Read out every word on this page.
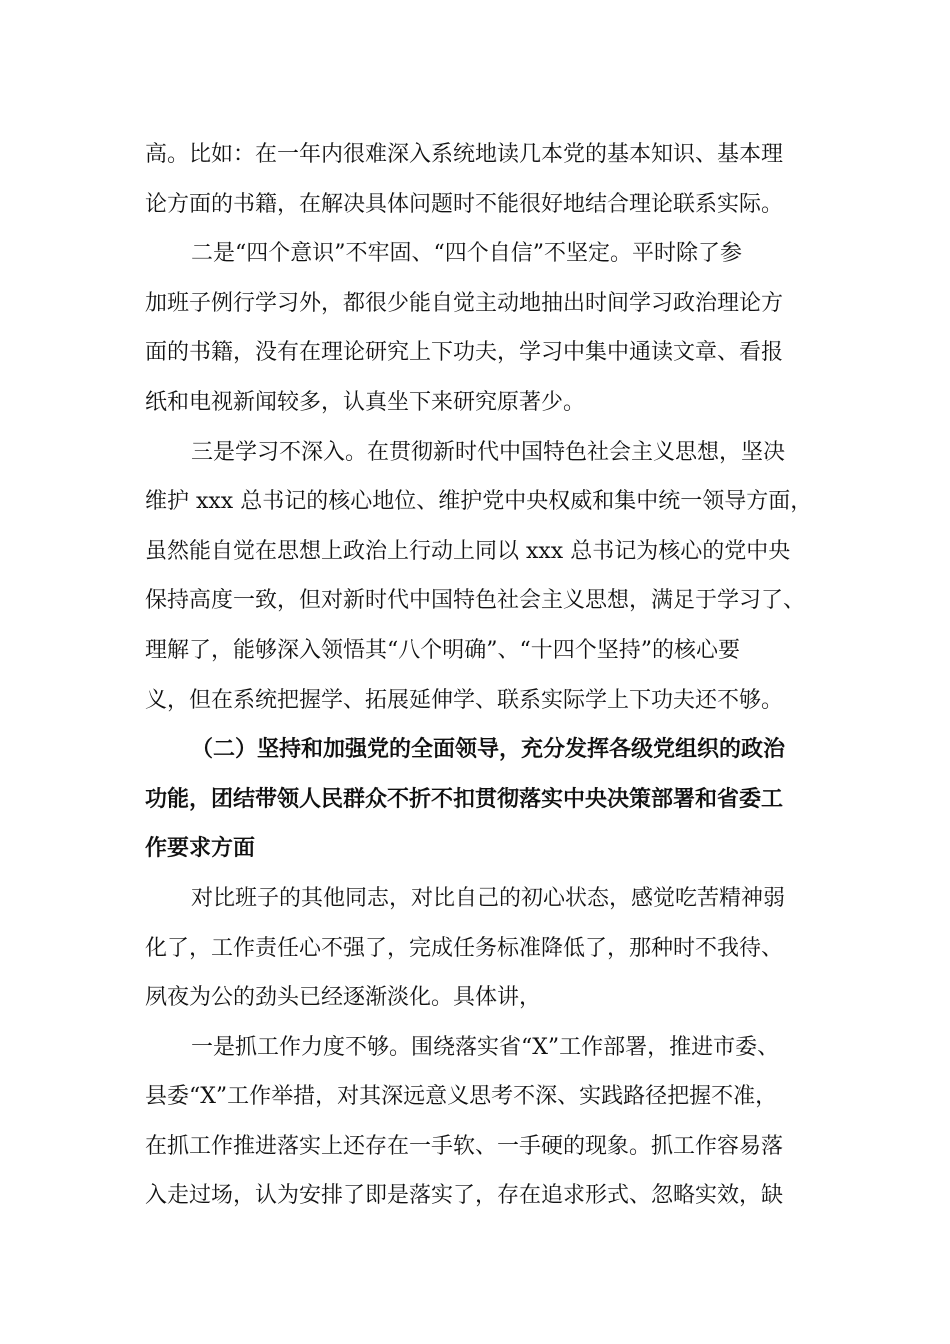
高。比如：在一年内很难深入系统地读几本党的基本知识、基本理
论方面的书籍，在解决具体问题时不能很好地结合理论联系实际。
二是“四个意识”不牢固、“四个自信”不坚定。平时除了参
加班子例行学习外，都很少能自觉主动地抽出时间学习政治理论方
面的书籍，没有在理论研究上下功夫，学习中集中通读文章、看报
纸和电视新闻较多，认真坐下来研究原著少。
三是学习不深入。在贯彻新时代中国特色社会主义思想，坚决
维护 xxx 总书记的核心地位、维护党中央权威和集中统一领导方面，
虽然能自觉在思想上政治上行动上同以 xxx 总书记为核心的党中央
保持高度一致，但对新时代中国特色社会主义思想，满足于学习了、
理解了，能够深入领悟其“八个明确”、“十四个坚持”的核心要
义，但在系统把握学、拓展延伸学、联系实际学上下功夫还不够。
（二）坚持和加强党的全面领导，充分发挥各级党组织的政治
功能，团结带领人民群众不折不扣贯彻落实中央决策部署和省委工
作要求方面
对比班子的其他同志，对比自己的初心状态，感觉吃苦精神弱
化了，工作责任心不强了，完成任务标准降低了，那种时不我待、
夙夜为公的劲头已经逐渐淡化。具体讲，
一是抓工作力度不够。围绕落实省“X”工作部署，推进市委、
县委“X”工作举措，对其深远意义思考不深、实践路径把握不准，
在抓工作推进落实上还存在一手软、一手硬的现象。抓工作容易落
入走过场，认为安排了即是落实了，存在追求形式、忽略实效，缺
